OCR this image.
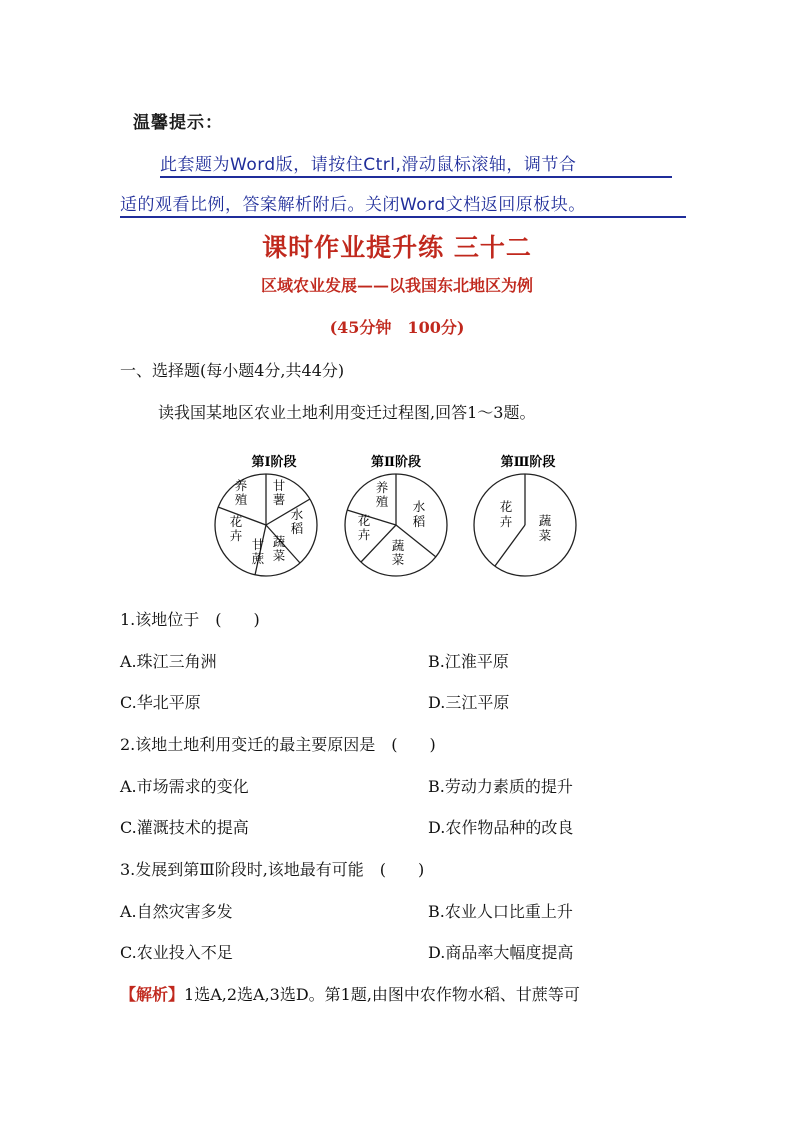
温馨提示：
此套题为Word版，请按住Ctrl,滑动鼠标滚轴，调节合
适的观看比例，答案解析附后。关闭Word文档返回原板块。
课时作业提升练 三十二
区域农业发展——以我国东北地区为例
(45分钟　100分)
一、选择题(每小题4分,共44分)
读我国某地区农业土地利用变迁过程图,回答1～3题。
第Ⅰ阶段
养
殖
甘
薯
水
稻
蔬
菜
甘
蔗
花
卉
第Ⅱ阶段
养
殖 水
稻
蔬
菜
花
卉
第Ⅲ阶段
花
卉 蔬
菜
1.该地位于　(　　)
A.珠江三角洲	B.江淮平原
C.华北平原	D.三江平原
2.该地土地利用变迁的最主要原因是　(　　)
A.市场需求的变化	B.劳动力素质的提升
C.灌溉技术的提高	D.农作物品种的改良
3.发展到第Ⅲ阶段时,该地最有可能　(　　)
A.自然灾害多发	B.农业人口比重上升
C.农业投入不足	D.商品率大幅度提高
【解析】1选A,2选A,3选D。第1题,由图中农作物水稻、甘蔗等可
